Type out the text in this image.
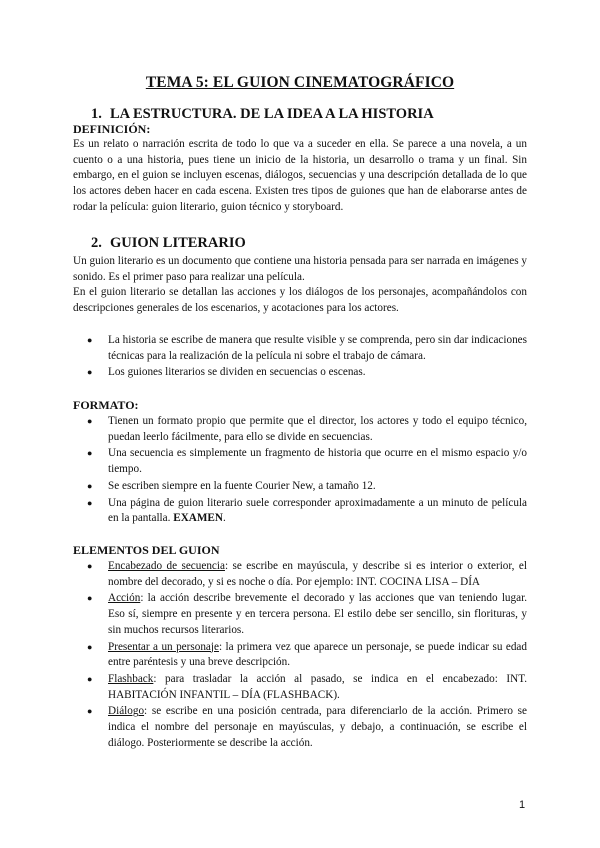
TEMA 5: EL GUION CINEMATOGRÁFICO
1. LA ESTRUCTURA. DE LA IDEA A LA HISTORIA
DEFINICIÓN:

Es un relato o narración escrita de todo lo que va a suceder en ella. Se parece a una novela, a un cuento o a una historia, pues tiene un inicio de la historia, un desarrollo o trama y un final. Sin embargo, en el guion se incluyen escenas, diálogos, secuencias y una descripción detallada de lo que los actores deben hacer en cada escena. Existen tres tipos de guiones que han de elaborarse antes de rodar la película: guion literario, guion técnico y storyboard.

2. GUION LITERARIO

Un guion literario es un documento que contiene una historia pensada para ser narrada en imágenes y sonido. Es el primer paso para realizar una película.

En el guion literario se detallan las acciones y los diálogos de los personajes, acompañándolos con descripciones generales de los escenarios, y acotaciones para los actores.

● La historia se escribe de manera que resulte visible y se comprenda, pero sin dar indicaciones técnicas para la realización de la película ni sobre el trabajo de cámara.
● Los guiones literarios se dividen en secuencias o escenas.
FORMATO:
● Tienen un formato propio que permite que el director, los actores y todo el equipo técnico, puedan leerlo fácilmente, para ello se divide en secuencias.
● Una secuencia es simplemente un fragmento de historia que ocurre en el mismo espacio y/o tiempo.
● Se escriben siempre en la fuente Courier New, a tamaño 12.
● Una página de guion literario suele corresponder aproximadamente a un minuto de película en la pantalla. EXAMEN.
ELEMENTOS DEL GUION
● Encabezado de secuencia: se escribe en mayúscula, y describe si es interior o exterior, el nombre del decorado, y si es noche o día. Por ejemplo: INT. COCINA LISA – DÍA
● Acción: la acción describe brevemente el decorado y las acciones que van teniendo lugar. Eso sí, siempre en presente y en tercera persona. El estilo debe ser sencillo, sin florituras, y sin muchos recursos literarios.
● Presentar a un personaje: la primera vez que aparece un personaje, se puede indicar su edad entre paréntesis y una breve descripción.
● Flashback: para trasladar la acción al pasado, se indica en el encabezado: INT. HABITACIÓN INFANTIL – DÍA (FLASHBACK).
● Diálogo: se escribe en una posición centrada, para diferenciarlo de la acción. Primero se indica el nombre del personaje en mayúsculas, y debajo, a continuación, se escribe el diálogo. Posteriormente se describe la acción.
1
